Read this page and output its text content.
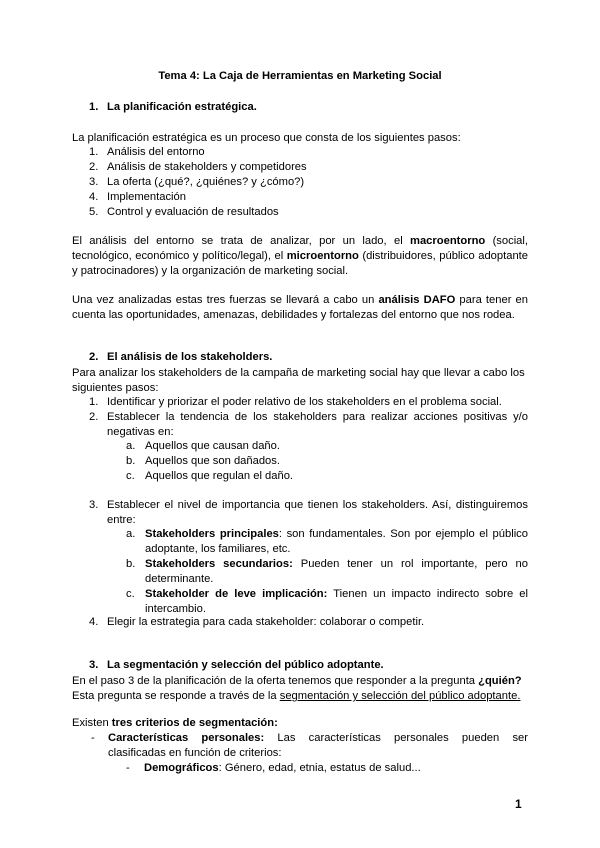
Tema 4: La Caja de Herramientas en Marketing Social
1. La planificación estratégica.
La planificación estratégica es un proceso que consta de los siguientes pasos:
1. Análisis del entorno
2. Análisis de stakeholders y competidores
3. La oferta (¿qué?, ¿quiénes? y ¿cómo?)
4. Implementación
5. Control y evaluación de resultados
El análisis del entorno se trata de analizar, por un lado, el macroentorno (social, tecnológico, económico y político/legal), el microentorno (distribuidores, público adoptante y patrocinadores) y la organización de marketing social.
Una vez analizadas estas tres fuerzas se llevará a cabo un análisis DAFO para tener en cuenta las oportunidades, amenazas, debilidades y fortalezas del entorno que nos rodea.
2. El análisis de los stakeholders.
Para analizar los stakeholders de la campaña de marketing social hay que llevar a cabo los siguientes pasos:
1. Identificar y priorizar el poder relativo de los stakeholders en el problema social.
2. Establecer la tendencia de los stakeholders para realizar acciones positivas y/o negativas en:
a. Aquellos que causan daño.
b. Aquellos que son dañados.
c. Aquellos que regulan el daño.
3. Establecer el nivel de importancia que tienen los stakeholders. Así, distinguiremos entre:
a. Stakeholders principales: son fundamentales. Son por ejemplo el público adoptante, los familiares, etc.
b. Stakeholders secundarios: Pueden tener un rol importante, pero no determinante.
c. Stakeholder de leve implicación: Tienen un impacto indirecto sobre el intercambio.
4. Elegir la estrategia para cada stakeholder: colaborar o competir.
3. La segmentación y selección del público adoptante.
En el paso 3 de la planificación de la oferta tenemos que responder a la pregunta ¿quién? Esta pregunta se responde a través de la segmentación y selección del público adoptante.
Existen tres criterios de segmentación:
- Características personales: Las características personales pueden ser clasificadas en función de criterios:
- Demográficos: Género, edad, etnia, estatus de salud...
1
